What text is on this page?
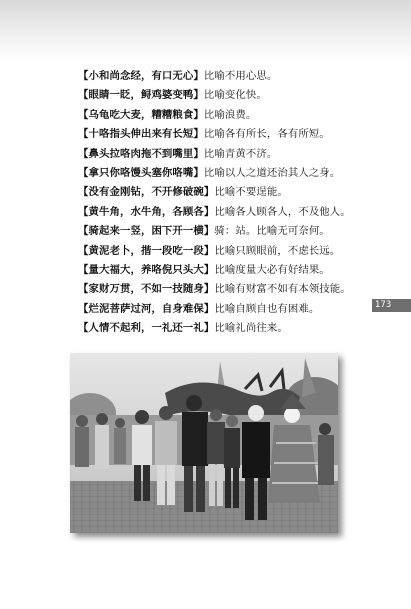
【小和尚念经，有口无心】比喻不用心思。
【眼睛一眨，鲟鸡婆变鸭】比喻变化快。
【乌龟吃大麦，糟糟粮食】比喻浪费。
【十咯指头伸出来有长短】比喻各有所长，各有所短。
【鼻头拉咯肉拖不到嘴里】比喻青黄不济。
【拿只你咯馒头塞你咯嘴】比喻以人之道还治其人之身。
【没有金刚钻，不开修破碗】比喻不要逞能。
【黄牛角，水牛角，各顾各】比喻各人顾各人，不及他人。
【骑起来一竖，困下开一横】骑：站。比喻无可奈何。
【黄泥老卜，揩一段吃一段】比喻只顾眼前，不虑长远。
【量大福大，养咯倪只头大】比喻度量大必有好结果。
【家财万贯，不如一技随身】比喻有财富不如有本领技能。
【烂泥菩萨过河，自身难保】比喻自顾自也有困难。
【人情不起利，一礼还一礼】比喻礼尚往来。
173
